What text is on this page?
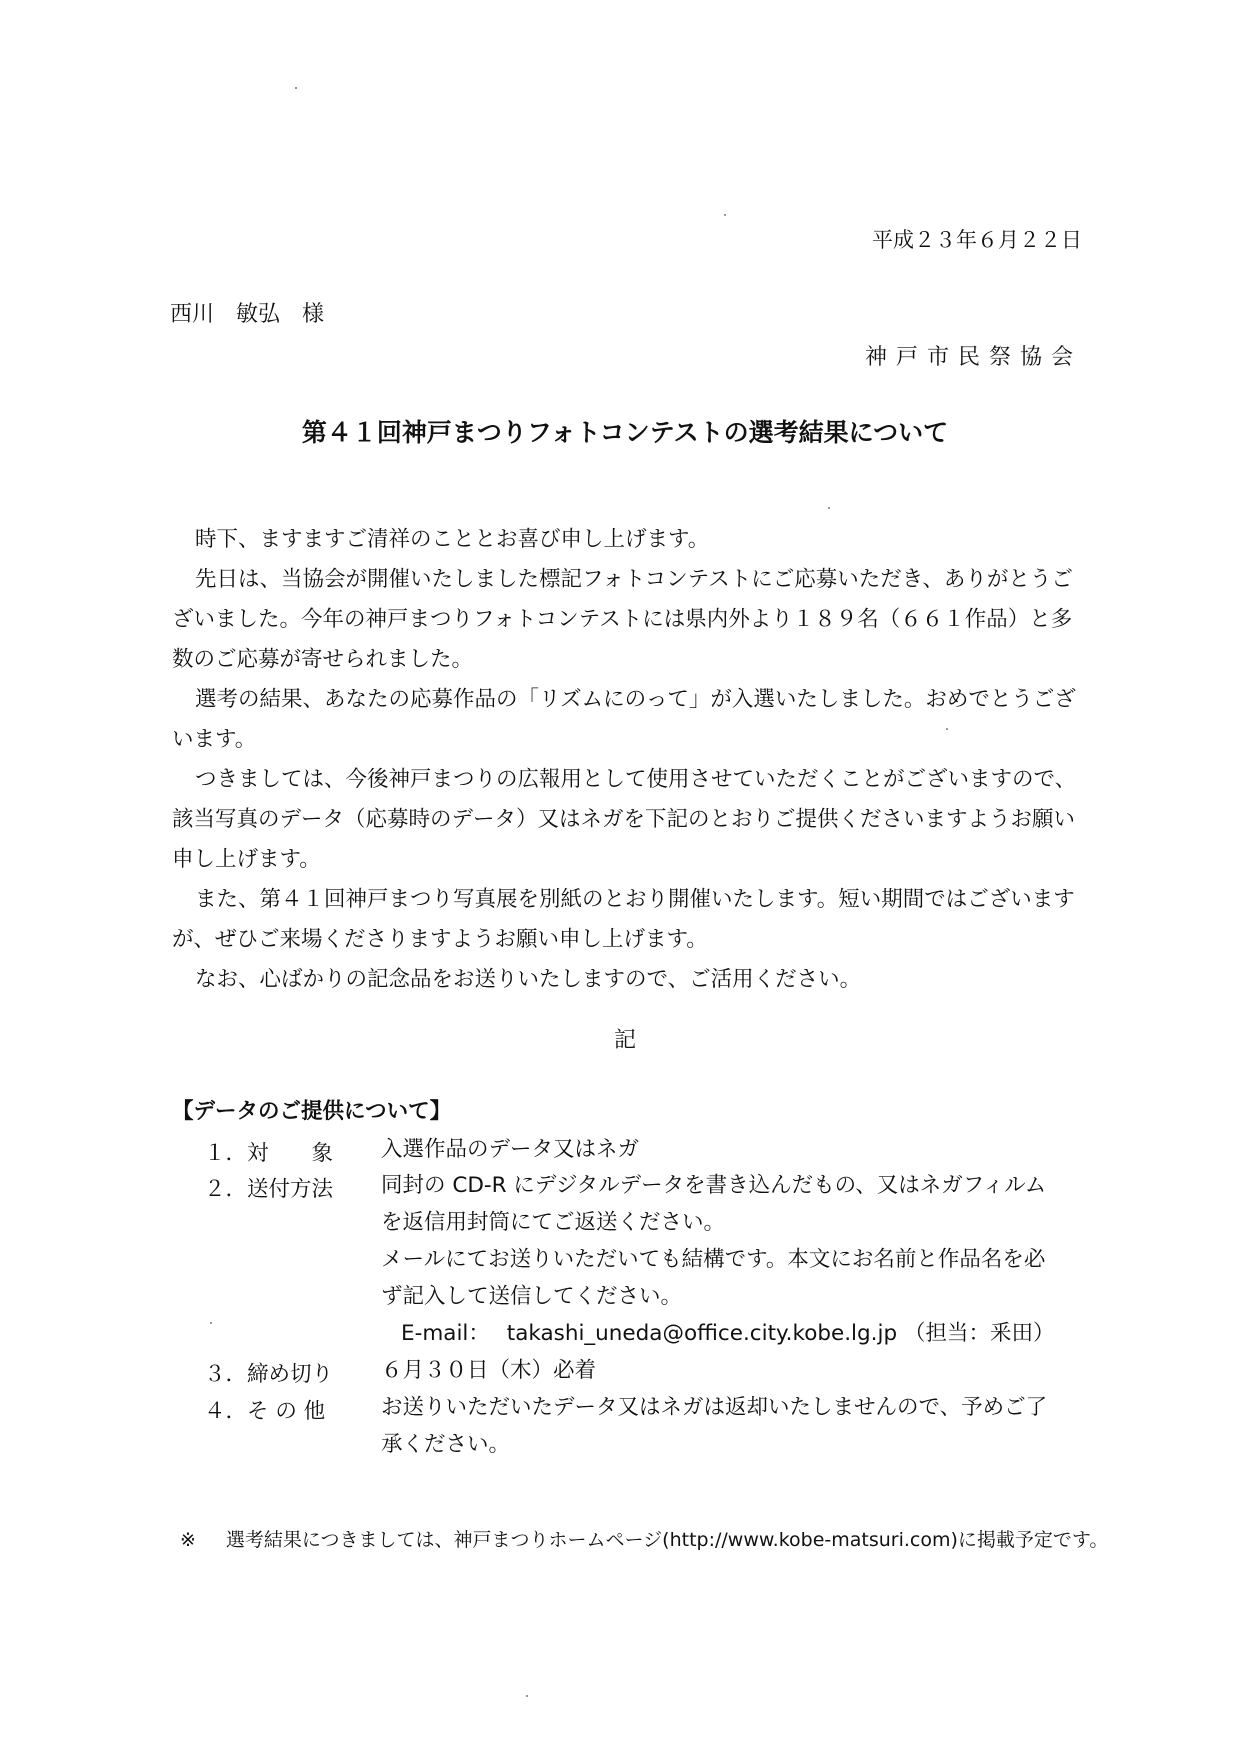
平成２３年６月２２日
西川　敏弘　様
神戸市民祭協会
第４１回神戸まつりフォトコンテストの選考結果について

時下、ますますご清祥のこととお喜び申し上げます。

先日は、当協会が開催いたしました標記フォトコンテストにご応募いただき、ありがとうございました。今年の神戸まつりフォトコンテストには県内外より１８９名（６６１作品）と多数のご応募が寄せられました。

選考の結果、あなたの応募作品の「リズムにのって」が入選いたしました。おめでとうございます。

つきましては、今後神戸まつりの広報用として使用させていただくことがございますので、該当写真のデータ（応募時のデータ）又はネガを下記のとおりご提供くださいますようお願い申し上げます。

また、第４１回神戸まつり写真展を別紙のとおり開催いたします。短い期間ではございますが、ぜひご来場くださりますようお願い申し上げます。

なお、心ばかりの記念品をお送りいたしますので、ご活用ください。

記
【データのご提供について】
１．対　　象	入選作品のデータ又はネガ
２．送付方法	同封の CD-R にデジタルデータを書き込んだもの、又はネガフィルム
を返信用封筒にてご返送ください。
メールにてお送りいただいても結構です。本文にお名前と作品名を必
ず記入して送信してください。
E-mail： takashi_uneda@office.city.kobe.lg.jp （担当：釆田）
３．締め切り	６月３０日（木）必着
４．そ の 他	お送りいただいたデータ又はネガは返却いたしませんので、予めご了
承ください。
※ 選考結果につきましては、神戸まつりホームページ(http://www.kobe-matsuri.com)に掲載予定です。
